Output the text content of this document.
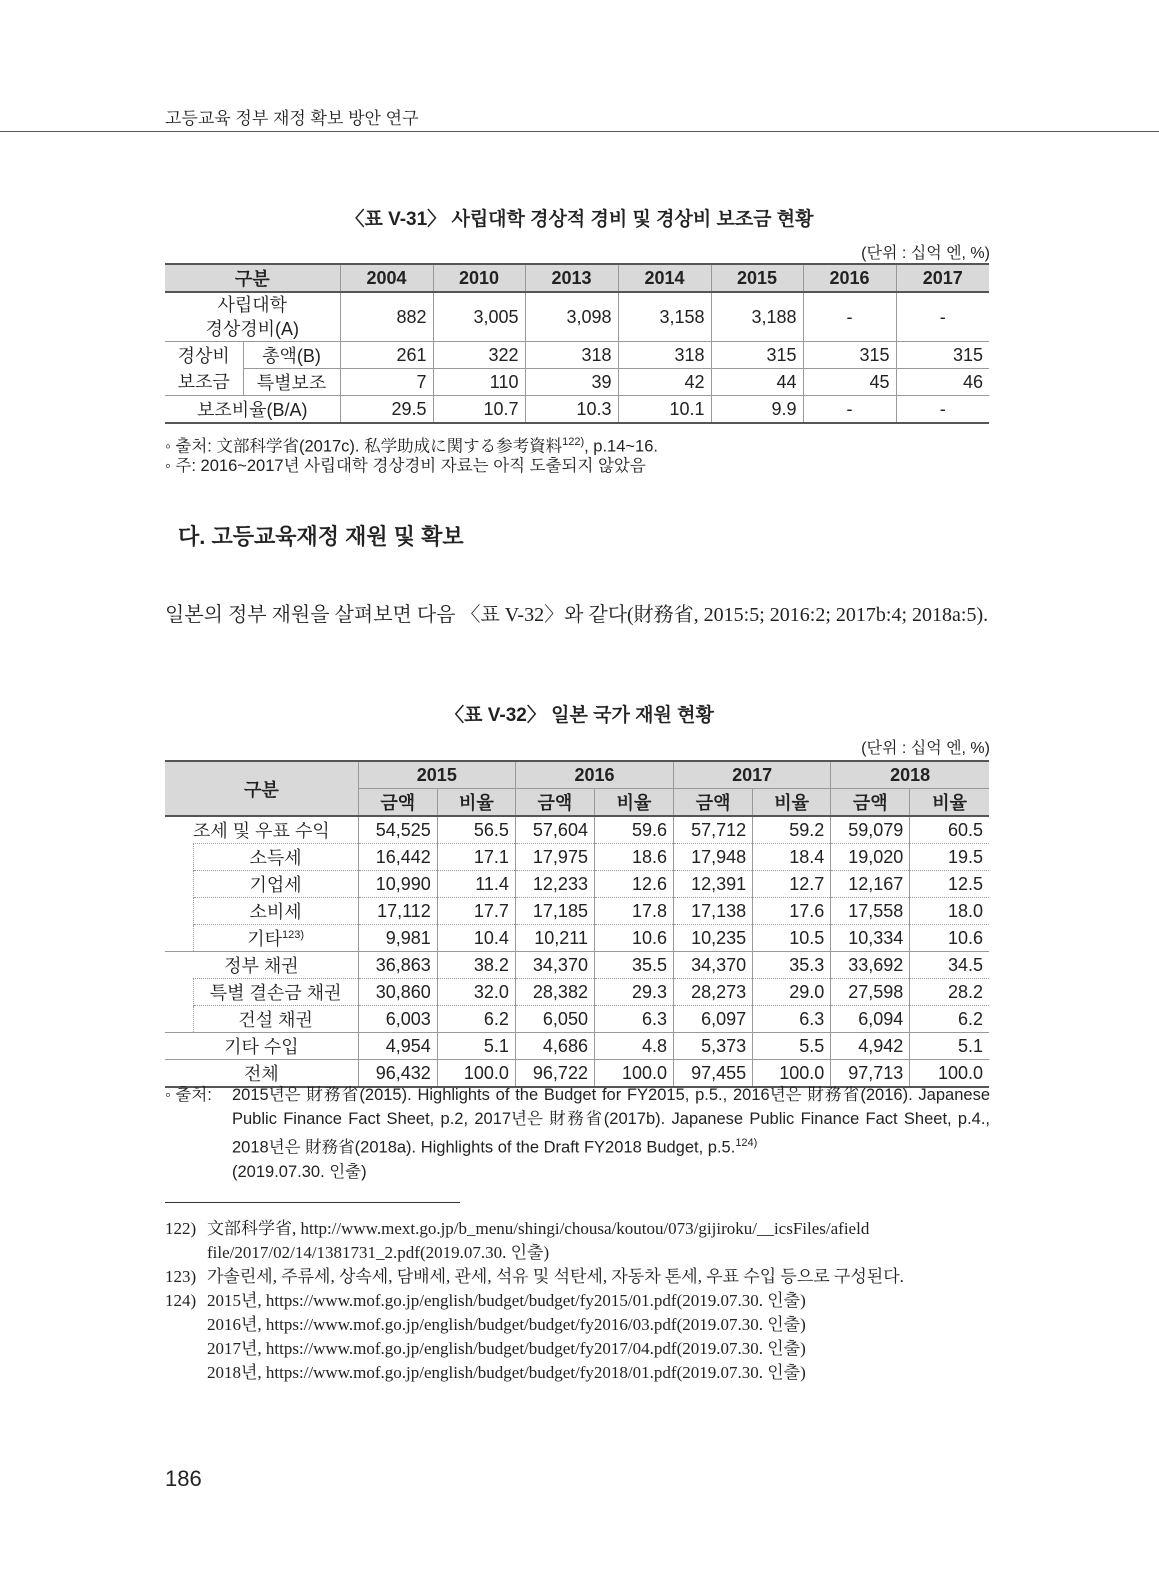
고등교육 정부 재정 확보 방안 연구
〈표 V-31〉 사립대학 경상적 경비 및 경상비 보조금 현황
(단위 : 십억 엔, %)
구분		2004	2010	2013	2014	2015	2016	2017

사립대학
경상경비(A)		882	3,005	3,098	3,158	3,188	-	-

경상비
보조금	총액(B)	261	322	318	318	315	315	315
	특별보조	7	110	39	42	44	45	46
보조비율(B/A)		29.5	10.7	10.3	10.1	9.9	-	-
◦ 출처: 文部科学省(2017c). 私学助成に関する参考資料$^{122)}$, p.14~16.
◦ 주: 2016~2017년 사립대학 경상경비 자료는 아직 도출되지 않았음
다. 고등교육재정 재원 및 확보
일본의 정부 재원을 살펴보면 다음 〈표 V-32〉와 같다(財務省, 2015:5; 2016:2; 2017b:4; 2018a:5).
〈표 V-32〉 일본 국가 재원 현황
(단위 : 십억 엔, %)
구분		2015		2016		2017		2018	
		금액	비율	금액	비율	금액	비율	금액	비율
조세 및 우표 수익		54,525	56.5	57,604	59.6	57,712	59.2	59,079	60.5
	소득세	16,442	17.1	17,975	18.6	17,948	18.4	19,020	19.5
	기업세	10,990	11.4	12,233	12.6	12,391	12.7	12,167	12.5
	소비세	17,112	17.7	17,185	17.8	17,138	17.6	17,558	18.0
	기타$^{123)}$	9,981	10.4	10,211	10.6	10,235	10.5	10,334	10.6
정부 채권		36,863	38.2	34,370	35.5	34,370	35.3	33,692	34.5
	특별 결손금 채권	30,860	32.0	28,382	29.3	28,273	29.0	27,598	28.2
	건설 채권	6,003	6.2	6,050	6.3	6,097	6.3	6,094	6.2
기타 수입		4,954	5.1	4,686	4.8	5,373	5.5	4,942	5.1
전체		96,432	100.0	96,722	100.0	97,455	100.0	97,713	100.0
◦ 출처:	2015년은 財務省(2015). Highlights of the Budget for FY2015, p.5., 2016년은 財務省(2016). Japanese Public Finance Fact Sheet, p.2, 2017년은 財務省(2017b). Japanese Public Finance Fact Sheet, p.4., 2018년은 財務省(2018a). Highlights of the Draft FY2018 Budget, p.5.$^{124)}$
(2019.07.30. 인출)
122) 文部科学省, http://www.mext.go.jp/b_menu/shingi/chousa/koutou/073/gijiroku/__icsFiles/afield
file/2017/02/14/1381731_2.pdf(2019.07.30. 인출)
123) 가솔린세, 주류세, 상속세, 담배세, 관세, 석유 및 석탄세, 자동차 톤세, 우표 수입 등으로 구성된다.
124) 2015년, https://www.mof.go.jp/english/budget/budget/fy2015/01.pdf(2019.07.30. 인출)
2016년, https://www.mof.go.jp/english/budget/budget/fy2016/03.pdf(2019.07.30. 인출)
2017년, https://www.mof.go.jp/english/budget/budget/fy2017/04.pdf(2019.07.30. 인출)
2018년, https://www.mof.go.jp/english/budget/budget/fy2018/01.pdf(2019.07.30. 인출)
186
